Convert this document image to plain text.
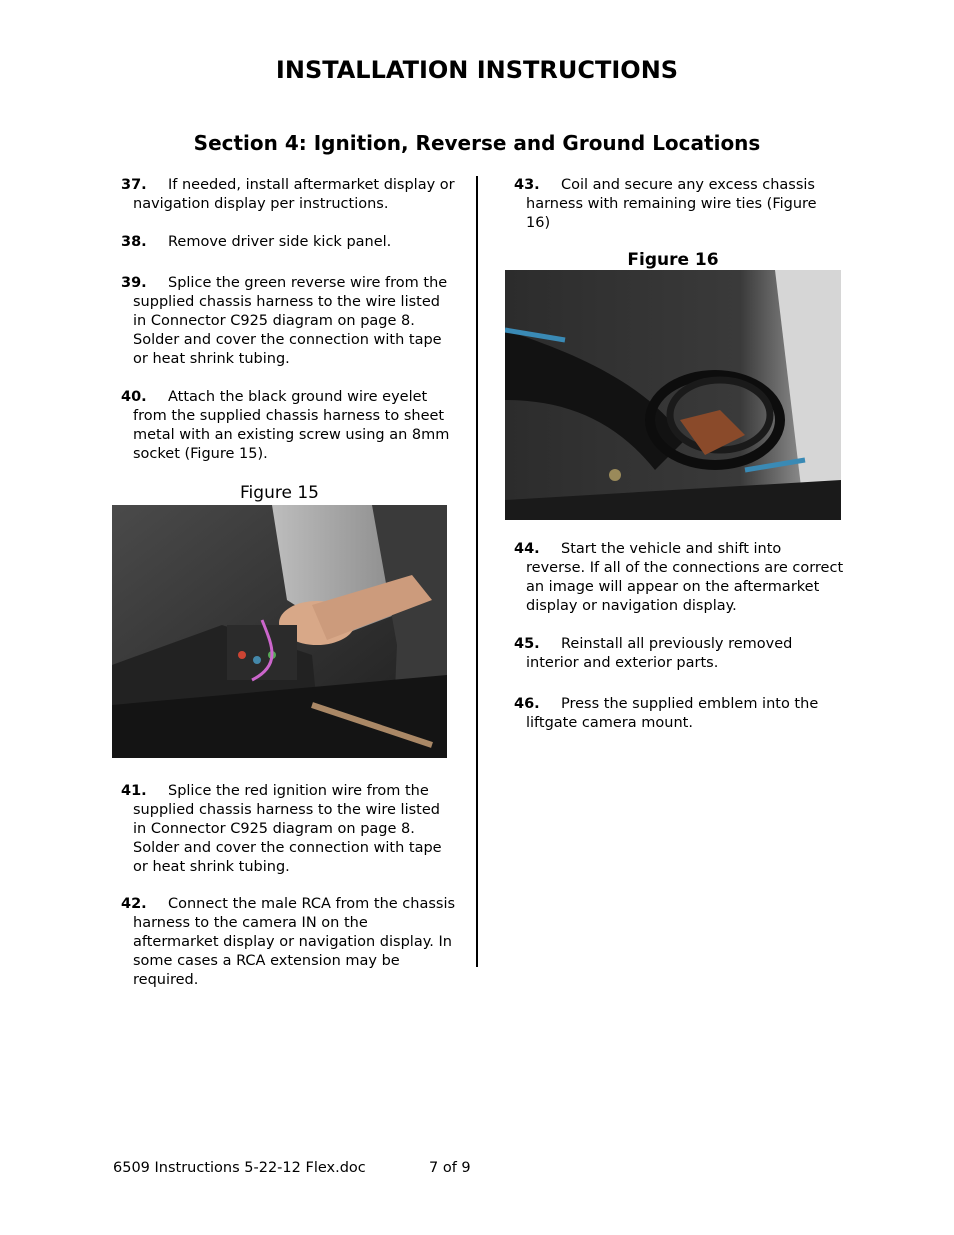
INSTALLATION INSTRUCTIONS
Section 4: Ignition, Reverse and Ground Locations
37. If needed, install aftermarket display or navigation display per instructions.
38. Remove driver side kick panel.
39. Splice the green reverse wire from the supplied chassis harness to the wire listed in Connector C925 diagram on page 8. Solder and cover the connection with tape or heat shrink tubing.
40. Attach the black ground wire eyelet from the supplied chassis harness to sheet metal with an existing screw using an 8mm socket (Figure 15).
Figure 15
41. Splice the red ignition wire from the supplied chassis harness to the wire listed in Connector C925 diagram on page 8. Solder and cover the connection with tape or heat shrink tubing.
42. Connect the male RCA from the chassis harness to the camera IN on the aftermarket display or navigation display. In some cases a RCA extension may be required.
43. Coil and secure any excess chassis harness with remaining wire ties (Figure 16)
Figure 16
44. Start the vehicle and shift into reverse. If all of the connections are correct an image will appear on the aftermarket display or navigation display.
45. Reinstall all previously removed interior and exterior parts.
46. Press the supplied emblem into the liftgate camera mount.
6509 Instructions 5-22-12 Flex.doc	7 of 9
